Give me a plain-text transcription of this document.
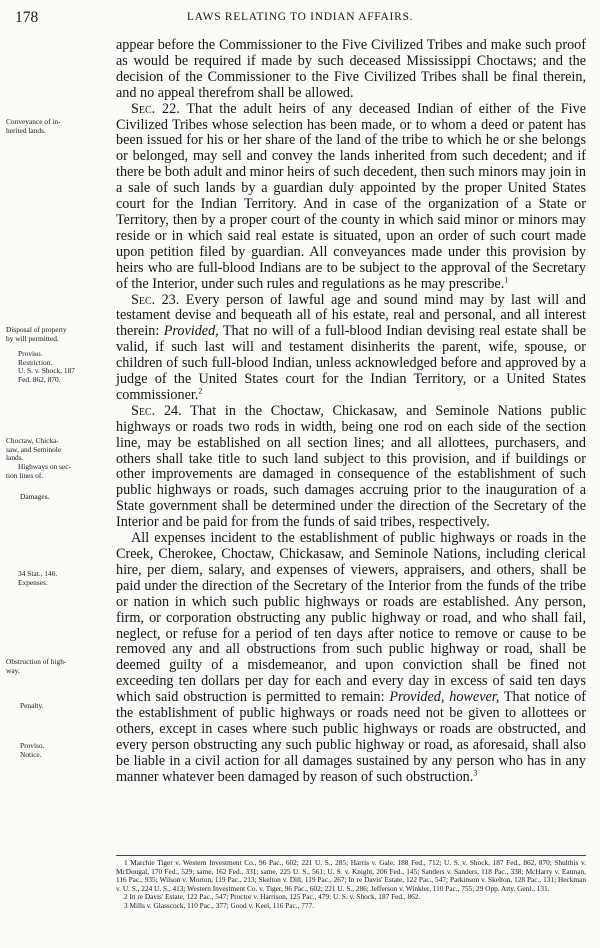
178	LAWS RELATING TO INDIAN AFFAIRS.
Conveyance of in-
herited lands.
Disposal of property
by will permitted.
Proviso.
Restriction.
U. S. v. Shock, 187
Fed. 862, 870.
Choctaw, Chicka-
saw, and Seminole
lands.
Highways on sec-
tion lines of.
Damages.
34 Stat., 146.
Expenses.
Obstruction of high-
way.
Penalty.
Proviso.
Notice.

appear before the Commissioner to the Five Civilized Tribes and make such proof as would be required if made by such deceased Mississippi Choctaws; and the decision of the Commissioner to the Five Civilized Tribes shall be final therein, and no appeal therefrom shall be allowed.

Sec. 22. That the adult heirs of any deceased Indian of either of the Five Civilized Tribes whose selection has been made, or to whom a deed or patent has been issued for his or her share of the land of the tribe to which he or she belongs or belonged, may sell and convey the lands inherited from such decedent; and if there be both adult and minor heirs of such decedent, then such minors may join in a sale of such lands by a guardian duly appointed by the proper United States court for the Indian Territory. And in case of the organization of a State or Territory, then by a proper court of the county in which said minor or minors may reside or in which said real estate is situated, upon an order of such court made upon petition filed by guardian. All conveyances made under this provision by heirs who are full-blood Indians are to be subject to the approval of the Secretary of the Interior, under such rules and regulations as he may prescribe.$^1$

Sec. 23. Every person of lawful age and sound mind may by last will and testament devise and bequeath all of his estate, real and personal, and all interest therein: Provided, That no will of a full-blood Indian devising real estate shall be valid, if such last will and testament disinherits the parent, wife, spouse, or children of such full-blood Indian, unless acknowledged before and approved by a judge of the United States court for the Indian Territory, or a United States commissioner.$^2$

Sec. 24. That in the Choctaw, Chickasaw, and Seminole Nations public highways or roads two rods in width, being one rod on each side of the section line, may be established on all section lines; and all allottees, purchasers, and others shall take title to such land subject to this provision, and if buildings or other improvements are damaged in consequence of the establishment of such public highways or roads, such damages accruing prior to the inauguration of a State government shall be determined under the direction of the Secretary of the Interior and be paid for from the funds of said tribes, respectively.

All expenses incident to the establishment of public highways or roads in the Creek, Cherokee, Choctaw, Chickasaw, and Seminole Nations, including clerical hire, per diem, salary, and expenses of viewers, appraisers, and others, shall be paid under the direction of the Secretary of the Interior from the funds of the tribe or nation in which such public highways or roads are established. Any person, firm, or corporation obstructing any public highway or road, and who shall fail, neglect, or refuse for a period of ten days after notice to remove or cause to be removed any and all obstructions from such public highway or road, shall be deemed guilty of a misdemeanor, and upon conviction shall be fined not exceeding ten dollars per day for each and every day in excess of said ten days which said obstruction is permitted to remain: Provided, however, That notice of the establishment of public highways or roads need not be given to allottees or others, except in cases where such public highways or roads are obstructed, and every person obstructing any such public highway or road, as aforesaid, shall also be liable in a civil action for all damages sustained by any person who has in any manner whatever been damaged by reason of such obstruction.$^3$

1 Marchie Tiger v. Western Investment Co., 96 Pac., 602; 221 U. S., 285; Harris v. Gale, 188 Fed., 712; U. S. v. Shock, 187 Fed., 862, 870; Shulthis v. McDougal, 170 Fed., 529; same, 162 Fed., 331; same, 225 U. S., 561; U. S. v. Knight, 206 Fed., 145; Sanders v. Sanders, 118 Pac., 338; McHarry v. Eatman, 116 Pac., 935; Wilson v. Morton, 119 Pac., 213; Skelton v. Dill, 119 Pac., 267; In re Davis' Estate, 122 Pac., 547; Parkinson v. Skelton, 128 Pac., 131; Heckman v. U. S., 224 U. S., 413; Western Investment Co. v. Tiger, 96 Pac., 602; 221 U. S., 286; Jefferson v. Winkler, 110 Pac., 755; 29 Opp. Atty. Genl., 131.

2 In re Davis' Estate, 122 Pac., 547; Proctor v. Harrison, 125 Pac., 479; U. S. v. Shock, 187 Fed., 862.

3 Mills v. Glasscock, 110 Pac., 377; Good v. Keel, 116 Pac., 777.
